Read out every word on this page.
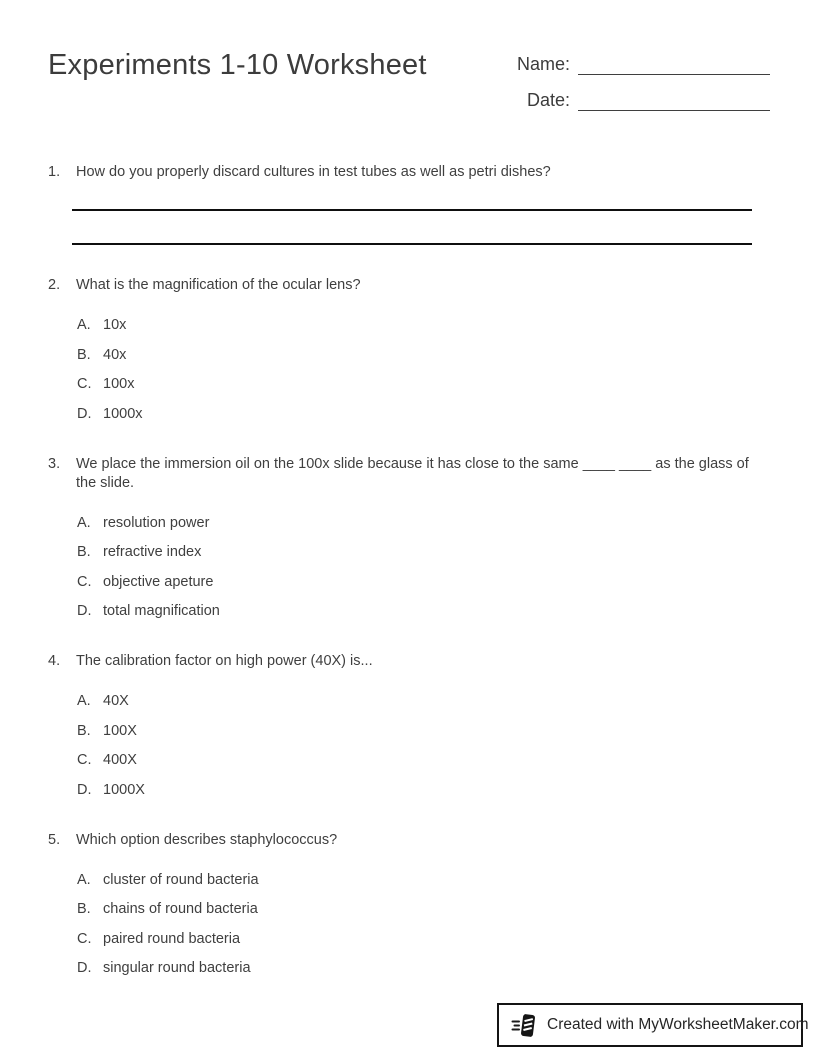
Experiments 1-10 Worksheet	Name:
Date:
1.	How do you properly discard cultures in test tubes as well as petri dishes?

2.	What is the magnification of the ocular lens?

A. 10x
B. 40x
C. 100x
D. 1000x
3.	We place the immersion oil on the 100x slide because it has close to the same ____ ____ as the glass of the slide.

A. resolution power
B. refractive index
C. objective apeture
D. total magnification
4.	The calibration factor on high power (40X) is...

A. 40X
B. 100X
C. 400X
D. 1000X
5.	Which option describes staphylococcus?

A. cluster of round bacteria
B. chains of round bacteria
C. paired round bacteria
D. singular round bacteria
Created with MyWorksheetMaker.com
